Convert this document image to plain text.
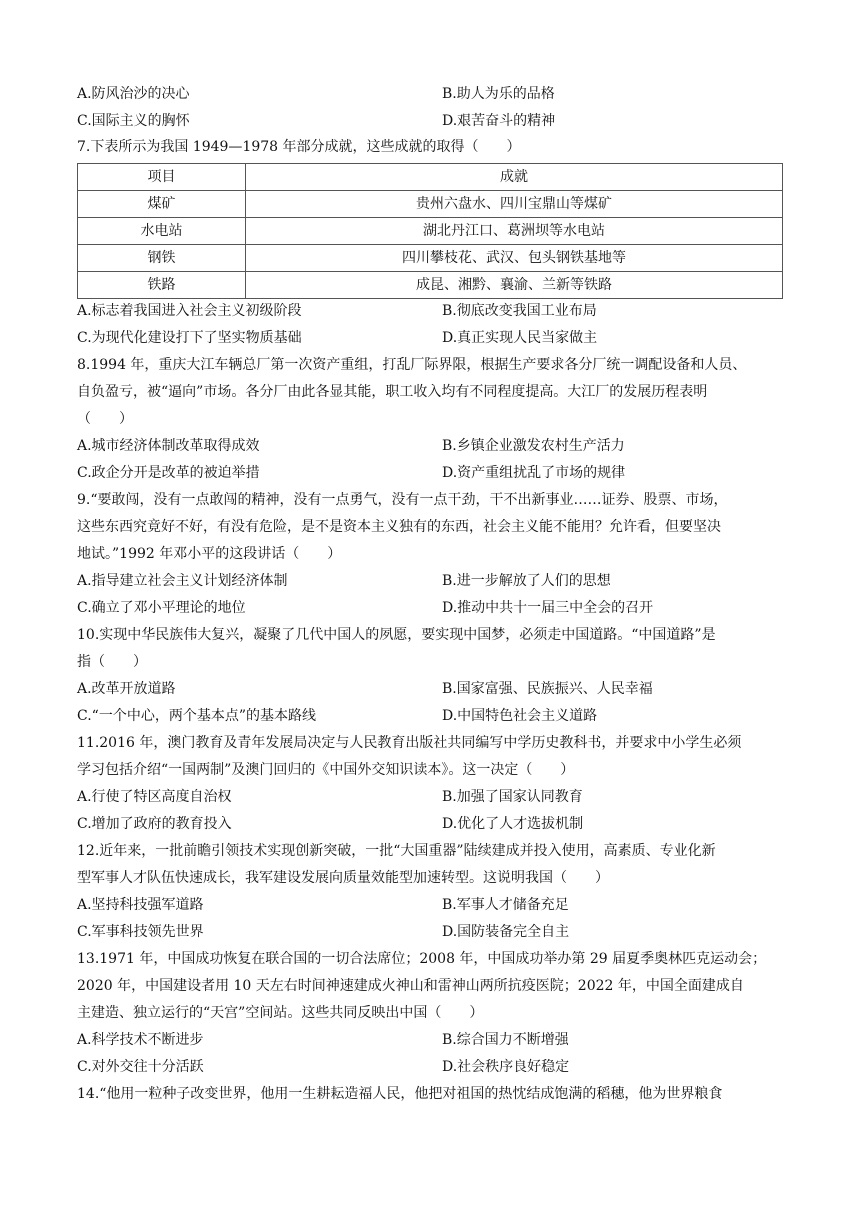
A.防风治沙的决心	B.助人为乐的品格
C.国际主义的胸怀	D.艰苦奋斗的精神
7.下表所示为我国 1949—1978 年部分成就，这些成就的取得（　　）
项目	成就
煤矿	贵州六盘水、四川宝鼎山等煤矿
水电站	湖北丹江口、葛洲坝等水电站
钢铁	四川攀枝花、武汉、包头钢铁基地等
铁路	成昆、湘黔、襄渝、兰新等铁路
A.标志着我国进入社会主义初级阶段	B.彻底改变我国工业布局
C.为现代化建设打下了坚实物质基础	D.真正实现人民当家做主
8.1994 年，重庆大江车辆总厂第一次资产重组，打乱厂际界限，根据生产要求各分厂统一调配设备和人员、
自负盈亏，被“逼向”市场。各分厂由此各显其能，职工收入均有不同程度提高。大江厂的发展历程表明
（　　）
A.城市经济体制改革取得成效	B.乡镇企业激发农村生产活力
C.政企分开是改革的被迫举措	D.资产重组扰乱了市场的规律
9.“要敢闯，没有一点敢闯的精神，没有一点勇气，没有一点干劲，干不出新事业……证券、股票、市场，
这些东西究竟好不好，有没有危险，是不是资本主义独有的东西，社会主义能不能用？允许看，但要坚决
地试。”1992 年邓小平的这段讲话（　　）
A.指导建立社会主义计划经济体制	B.进一步解放了人们的思想
C.确立了邓小平理论的地位	D.推动中共十一届三中全会的召开
10.实现中华民族伟大复兴，凝聚了几代中国人的夙愿，要实现中国梦，必须走中国道路。“中国道路”是
指（　　）
A.改革开放道路	B.国家富强、民族振兴、人民幸福
C.“一个中心，两个基本点”的基本路线	D.中国特色社会主义道路
11.2016 年，澳门教育及青年发展局决定与人民教育出版社共同编写中学历史教科书，并要求中小学生必须
学习包括介绍“一国两制”及澳门回归的《中国外交知识读本》。这一决定（　　）
A.行使了特区高度自治权	B.加强了国家认同教育
C.增加了政府的教育投入	D.优化了人才选拔机制
12.近年来，一批前瞻引领技术实现创新突破，一批“大国重器”陆续建成并投入使用，高素质、专业化新
型军事人才队伍快速成长，我军建设发展向质量效能型加速转型。这说明我国（　　）
A.坚持科技强军道路	B.军事人才储备充足
C.军事科技领先世界	D.国防装备完全自主
13.1971 年，中国成功恢复在联合国的一切合法席位；2008 年，中国成功举办第 29 届夏季奥林匹克运动会；
2020 年，中国建设者用 10 天左右时间神速建成火神山和雷神山两所抗疫医院；2022 年，中国全面建成自
主建造、独立运行的“天宫”空间站。这些共同反映出中国（　　）
A.科学技术不断进步	B.综合国力不断增强
C.对外交往十分活跃	D.社会秩序良好稳定
14.“他用一粒种子改变世界，他用一生耕耘造福人民，他把对祖国的热忱结成饱满的稻穗，他为世界粮食
